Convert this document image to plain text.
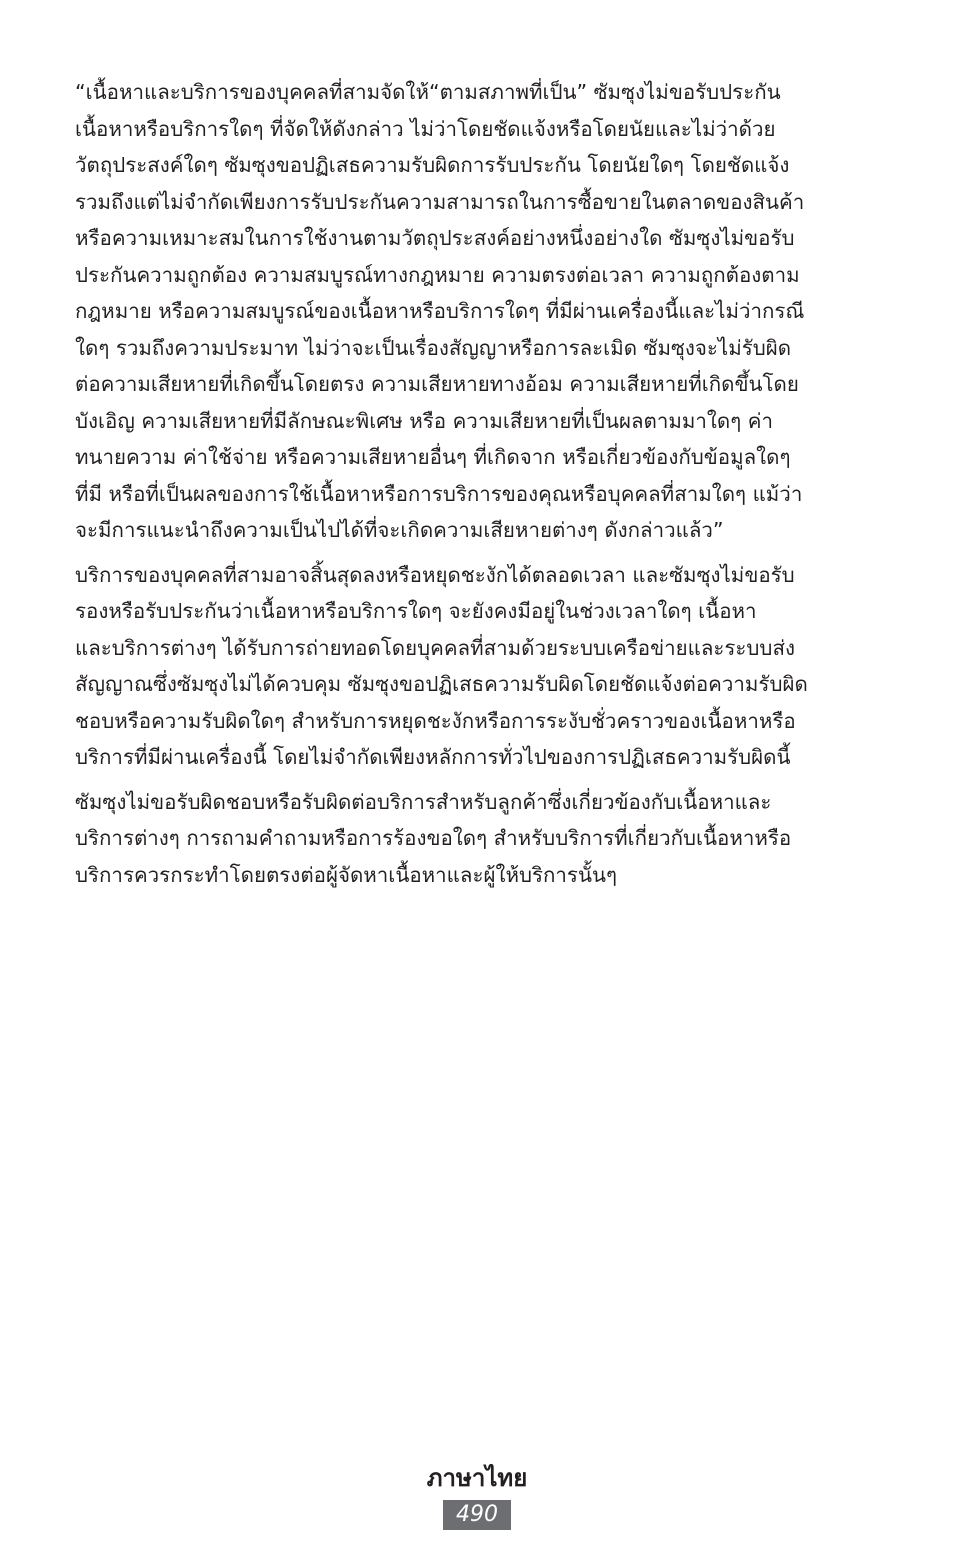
“เนื้อหาและบริการของบุคคลที่สามจัดให้“ตามสภาพที่เป็น” ซัมซุงไม่ขอรับประกัน
เนื้อหาหรือบริการใดๆ ที่จัดให้ดังกล่าว ไม่ว่าโดยชัดแจ้งหรือโดยนัยและไม่ว่าด้วย
วัตถุประสงค์ใดๆ ซัมซุงขอปฏิเสธความรับผิดการรับประกัน โดยนัยใดๆ โดยชัดแจ้ง
รวมถึงแต่ไม่จำกัดเพียงการรับประกันความสามารถในการซื้อขายในตลาดของสินค้า
หรือความเหมาะสมในการใช้งานตามวัตถุประสงค์อย่างหนึ่งอย่างใด ซัมซุงไม่ขอรับ
ประกันความถูกต้อง ความสมบูรณ์ทางกฎหมาย ความตรงต่อเวลา ความถูกต้องตาม
กฎหมาย หรือความสมบูรณ์ของเนื้อหาหรือบริการใดๆ ที่มีผ่านเครื่องนี้และไม่ว่ากรณี
ใดๆ รวมถึงความประมาท ไม่ว่าจะเป็นเรื่องสัญญาหรือการละเมิด ซัมซุงจะไม่รับผิด
ต่อความเสียหายที่เกิดขึ้นโดยตรง ความเสียหายทางอ้อม ความเสียหายที่เกิดขึ้นโดย
บังเอิญ ความเสียหายที่มีลักษณะพิเศษ หรือ ความเสียหายที่เป็นผลตามมาใดๆ ค่า
ทนายความ ค่าใช้จ่าย หรือความเสียหายอื่นๆ ที่เกิดจาก หรือเกี่ยวข้องกับข้อมูลใดๆ
ที่มี หรือที่เป็นผลของการใช้เนื้อหาหรือการบริการของคุณหรือบุคคลที่สามใดๆ แม้ว่า
จะมีการแนะนำถึงความเป็นไปได้ที่จะเกิดความเสียหายต่างๆ ดังกล่าวแล้ว”

บริการของบุคคลที่สามอาจสิ้นสุดลงหรือหยุดชะงักได้ตลอดเวลา และซัมซุงไม่ขอรับ
รองหรือรับประกันว่าเนื้อหาหรือบริการใดๆ จะยังคงมีอยู่ในช่วงเวลาใดๆ เนื้อหา
และบริการต่างๆ ได้รับการถ่ายทอดโดยบุคคลที่สามด้วยระบบเครือข่ายและระบบส่ง
สัญญาณซึ่งซัมซุงไม่ได้ควบคุม ซัมซุงขอปฏิเสธความรับผิดโดยชัดแจ้งต่อความรับผิด
ชอบหรือความรับผิดใดๆ สำหรับการหยุดชะงักหรือการระงับชั่วคราวของเนื้อหาหรือ
บริการที่มีผ่านเครื่องนี้ โดยไม่จำกัดเพียงหลักการทั่วไปของการปฏิเสธความรับผิดนี้

ซัมซุงไม่ขอรับผิดชอบหรือรับผิดต่อบริการสำหรับลูกค้าซึ่งเกี่ยวข้องกับเนื้อหาและ
บริการต่างๆ การถามคำถามหรือการร้องขอใดๆ สำหรับบริการที่เกี่ยวกับเนื้อหาหรือ
บริการควรกระทำโดยตรงต่อผู้จัดหาเนื้อหาและผู้ให้บริการนั้นๆ

ภาษาไทย
490
